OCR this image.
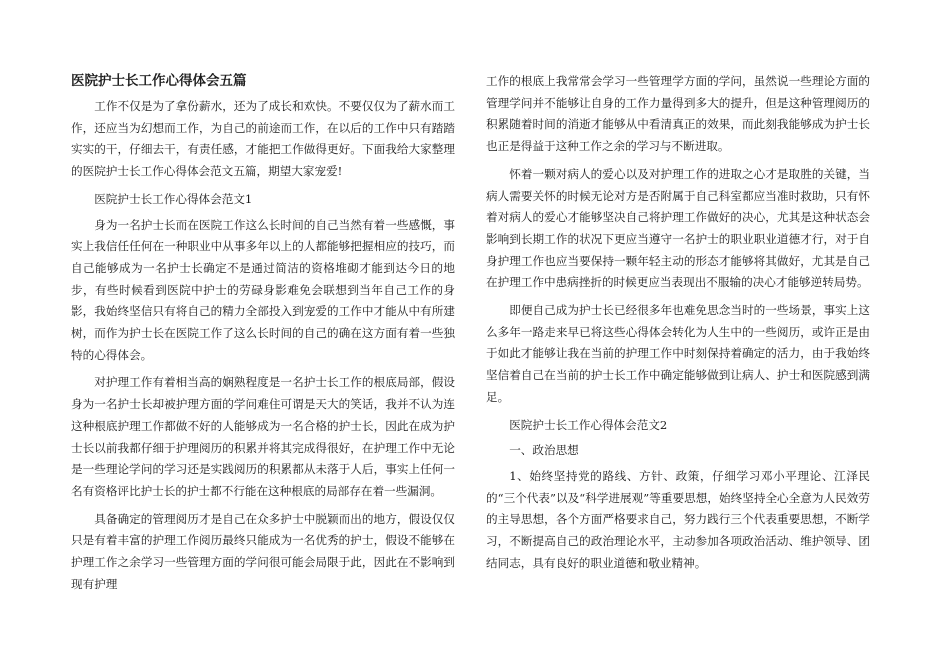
医院护士长工作心得体会五篇

工作不仅是为了拿份薪水，还为了成长和欢快。不要仅仅为了薪水而工作，还应当为幻想而工作，为自己的前途而工作，在以后的工作中只有踏踏实实的干，仔细去干，有责任感，才能把工作做得更好。下面我给大家整理的医院护士长工作心得体会范文五篇，期望大家宠爱!

医院护士长工作心得体会范文1

身为一名护士长而在医院工作这么长时间的自己当然有着一些感慨，事实上我信任任何在一种职业中从事多年以上的人都能够把握相应的技巧，而自己能够成为一名护士长确定不是通过简洁的资格堆砌才能到达今日的地步，有些时候看到医院中护士的劳碌身影难免会联想到当年自己工作的身影，我始终坚信只有将自己的精力全部投入到宠爱的工作中才能从中有所建树，而作为护士长在医院工作了这么长时间的自己的确在这方面有着一些独特的心得体会。

对护理工作有着相当高的娴熟程度是一名护士长工作的根底局部，假设身为一名护士长却被护理方面的学问难住可谓是天大的笑话，我并不认为连这种根底护理工作都做不好的人能够成为一名合格的护士长，因此在成为护士长以前我都仔细于护理阅历的积累并将其完成得很好，在护理工作中无论是一些理论学问的学习还是实践阅历的积累都从未落于人后，事实上任何一名有资格评比护士长的护士都不行能在这种根底的局部存在着一些漏洞。

具备确定的管理阅历才是自己在众多护士中脱颖而出的地方，假设仅仅只是有着丰富的护理工作阅历最终只能成为一名优秀的护士，假设不能够在护理工作之余学习一些管理方面的学问很可能会局限于此，因此在不影响到现有护理

工作的根底上我常常会学习一些管理学方面的学问，虽然说一些理论方面的管理学问并不能够让自身的工作力量得到多大的提升，但是这种管理阅历的积累随着时间的消逝才能够从中看清真正的效果，而此刻我能够成为护士长也正是得益于这种工作之余的学习与不断进取。

怀着一颗对病人的爱心以及对护理工作的进取之心才是取胜的关键，当病人需要关怀的时候无论对方是否附属于自己科室都应当准时救助，只有怀着对病人的爱心才能够坚决自己将护理工作做好的决心，尤其是这种状态会影响到长期工作的状况下更应当遵守一名护士的职业职业道德才行，对于自身护理工作也应当要保持一颗年轻主动的形态才能够将其做好，尤其是自己在护理工作中患病挫折的时候更应当表现出不服输的决心才能够逆转局势。

即便自己成为护士长已经很多年也难免思念当时的一些场景，事实上这么多年一路走来早已将这些心得体会转化为人生中的一些阅历，或许正是由于如此才能够让我在当前的护理工作中时刻保持着确定的活力，由于我始终坚信着自己在当前的护士长工作中确定能够做到让病人、护士和医院感到满足。

医院护士长工作心得体会范文2

一、政治思想

1、始终坚持党的路线、方针、政策，仔细学习邓小平理论、江泽民的“三个代表”以及“科学进展观”等重要思想，始终坚持全心全意为人民效劳的主导思想，各个方面严格要求自己，努力践行三个代表重要思想，不断学习，不断提高自己的政治理论水平，主动参加各项政治活动、维护领导、团结同志，具有良好的职业道德和敬业精神。
